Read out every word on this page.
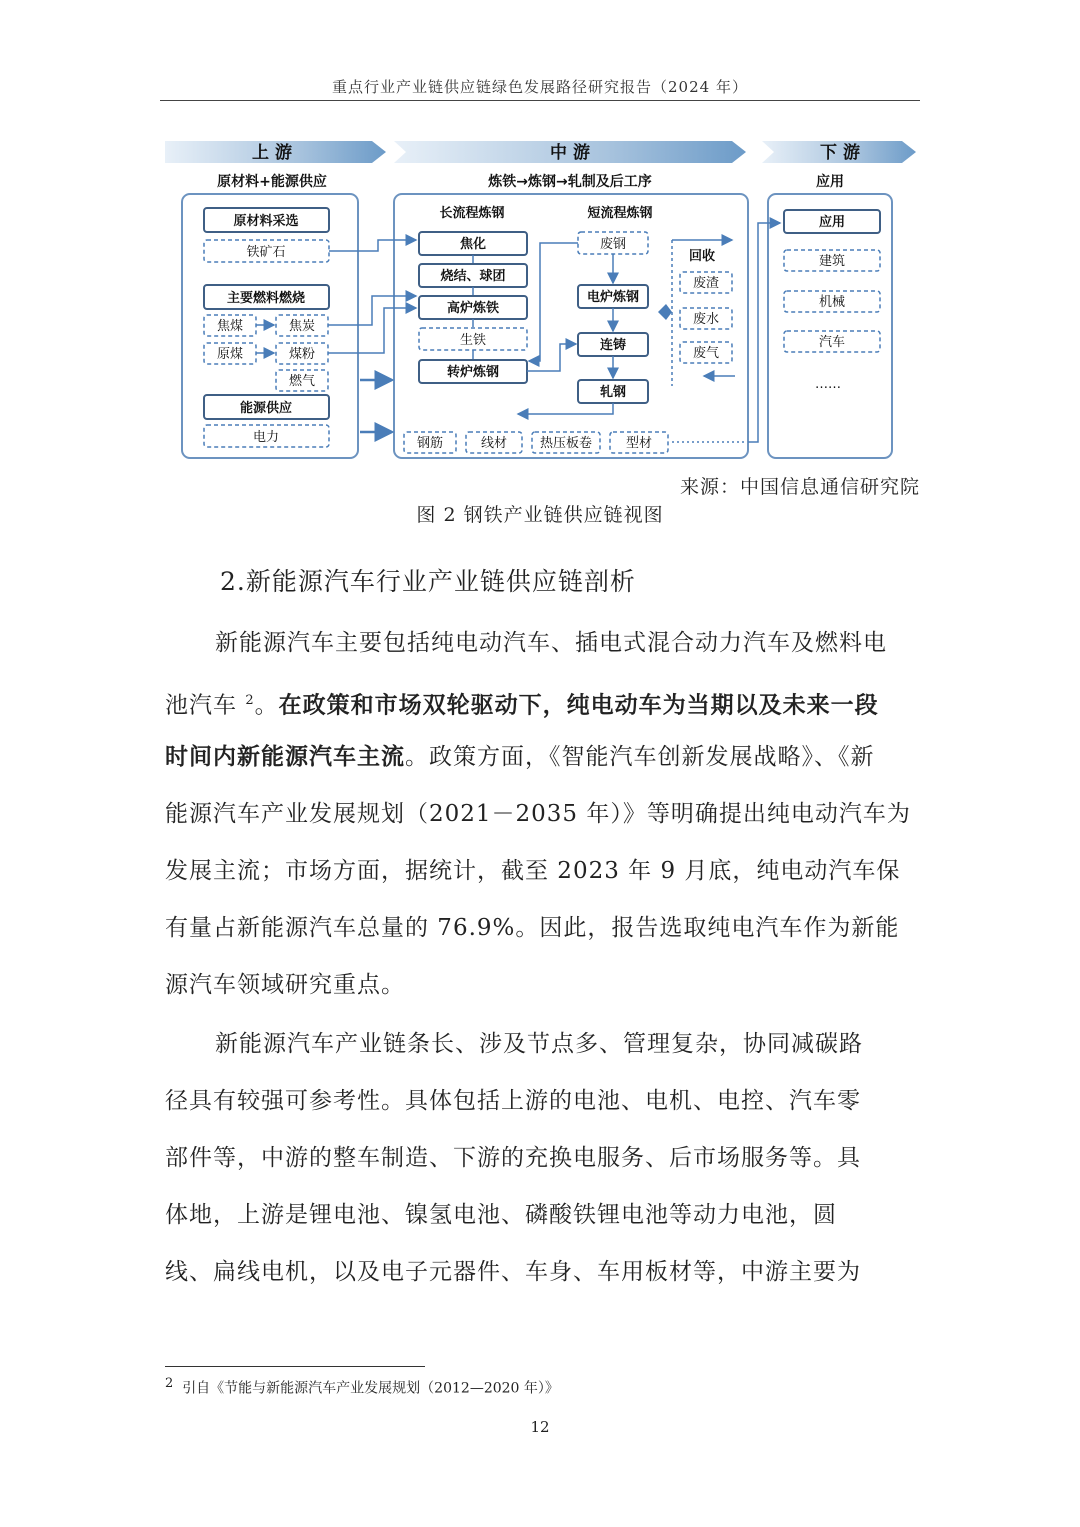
重点行业产业链供应链绿色发展路径研究报告（2024 年）
上 游	中 游	下 游
原材料+能源供应	炼铁→炼钢→轧制及后工序	应用
原材料采选
铁矿石
主要燃料燃烧
焦煤	焦炭
原煤	煤粉
燃气
能源供应
电力
长流程炼钢
焦化
烧结、球团
高炉炼铁
生铁
转炉炼钢
短流程炼钢
废钢
电炉炼钢
连铸
轧钢
回收
废渣
废水
废气
钢筋	线材	热压板卷	型材
应用
建筑
机械
汽车
……
来源：中国信息通信研究院
图 2 钢铁产业链供应链视图
2.新能源汽车行业产业链供应链剖析
新能源汽车主要包括纯电动汽车、插电式混合动力汽车及燃料电
池汽车 $^2$。在政策和市场双轮驱动下，纯电动车为当期以及未来一段
时间内新能源汽车主流。政策方面，《智能汽车创新发展战略》、《新
能源汽车产业发展规划（2021－2035 年）》等明确提出纯电动汽车为
发展主流；市场方面，据统计，截至 2023 年 9 月底，纯电动汽车保
有量占新能源汽车总量的 76.9%。因此，报告选取纯电汽车作为新能
源汽车领域研究重点。
新能源汽车产业链条长、涉及节点多、管理复杂，协同减碳路
径具有较强可参考性。具体包括上游的电池、电机、电控、汽车零
部件等，中游的整车制造、下游的充换电服务、后市场服务等。具
体地，上游是锂电池、镍氢电池、磷酸铁锂电池等动力电池，圆
线、扁线电机，以及电子元器件、车身、车用板材等，中游主要为
$^2$ 引自《节能与新能源汽车产业发展规划（2012—2020 年）》
12
